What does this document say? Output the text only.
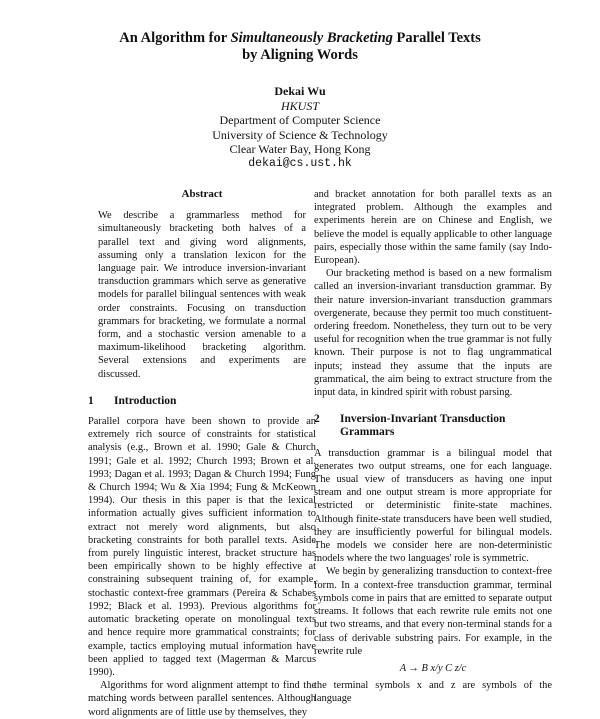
An Algorithm for Simultaneously Bracketing Parallel Texts
by Aligning Words
Dekai Wu
HKUST
Department of Computer Science
University of Science & Technology
Clear Water Bay, Hong Kong
dekai@cs.ust.hk
Abstract

We describe a grammarless method for simultaneously bracketing both halves of a parallel text and giving word alignments, assuming only a translation lexicon for the language pair. We introduce inversion-invariant transduction grammars which serve as generative models for parallel bilingual sentences with weak order constraints. Focusing on transduction grammars for bracketing, we formulate a normal form, and a stochastic version amenable to a maximum-likelihood bracketing algorithm. Several extensions and experiments are discussed.

1	Introduction

Parallel corpora have been shown to provide an extremely rich source of constraints for statistical analysis (e.g., Brown et al. 1990; Gale & Church 1991; Gale et al. 1992; Church 1993; Brown et al. 1993; Dagan et al. 1993; Dagan & Church 1994; Fung & Church 1994; Wu & Xia 1994; Fung & McKeown 1994). Our thesis in this paper is that the lexical information actually gives sufficient information to extract not merely word alignments, but also bracketing constraints for both parallel texts. Aside from purely linguistic interest, bracket structure has been empirically shown to be highly effective at constraining subsequent training of, for example, stochastic context-free grammars (Pereira & Schabes 1992; Black et al. 1993). Previous algorithms for automatic bracketing operate on monolingual texts and hence require more grammatical constraints; for example, tactics employing mutual information have been applied to tagged text (Magerman & Marcus 1990).

Algorithms for word alignment attempt to find the matching words between parallel sentences. Although word alignments are of little use by themselves, they

and bracket annotation for both parallel texts as an integrated problem. Although the examples and experiments herein are on Chinese and English, we believe the model is equally applicable to other language pairs, especially those within the same family (say Indo-European).

Our bracketing method is based on a new formalism called an inversion-invariant transduction grammar. By their nature inversion-invariant transduction grammars overgenerate, because they permit too much constituent-ordering freedom. Nonetheless, they turn out to be very useful for recognition when the true grammar is not fully known. Their purpose is not to flag ungrammatical inputs; instead they assume that the inputs are grammatical, the aim being to extract structure from the input data, in kindred spirit with robust parsing.

2	Inversion-Invariant Transduction Grammars

A transduction grammar is a bilingual model that generates two output streams, one for each language. The usual view of transducers as having one input stream and one output stream is more appropriate for restricted or deterministic finite-state machines. Although finite-state transducers have been well studied, they are insufficiently powerful for bilingual models. The models we consider here are non-deterministic models where the two languages' role is symmetric.

We begin by generalizing transduction to context-free form. In a context-free transduction grammar, terminal symbols come in pairs that are emitted to separate output streams. It follows that each rewrite rule emits not one but two streams, and that every non-terminal stands for a class of derivable substring pairs. For example, in the rewrite rule

A → B x/y C z/c

the terminal symbols x and z are symbols of the language
